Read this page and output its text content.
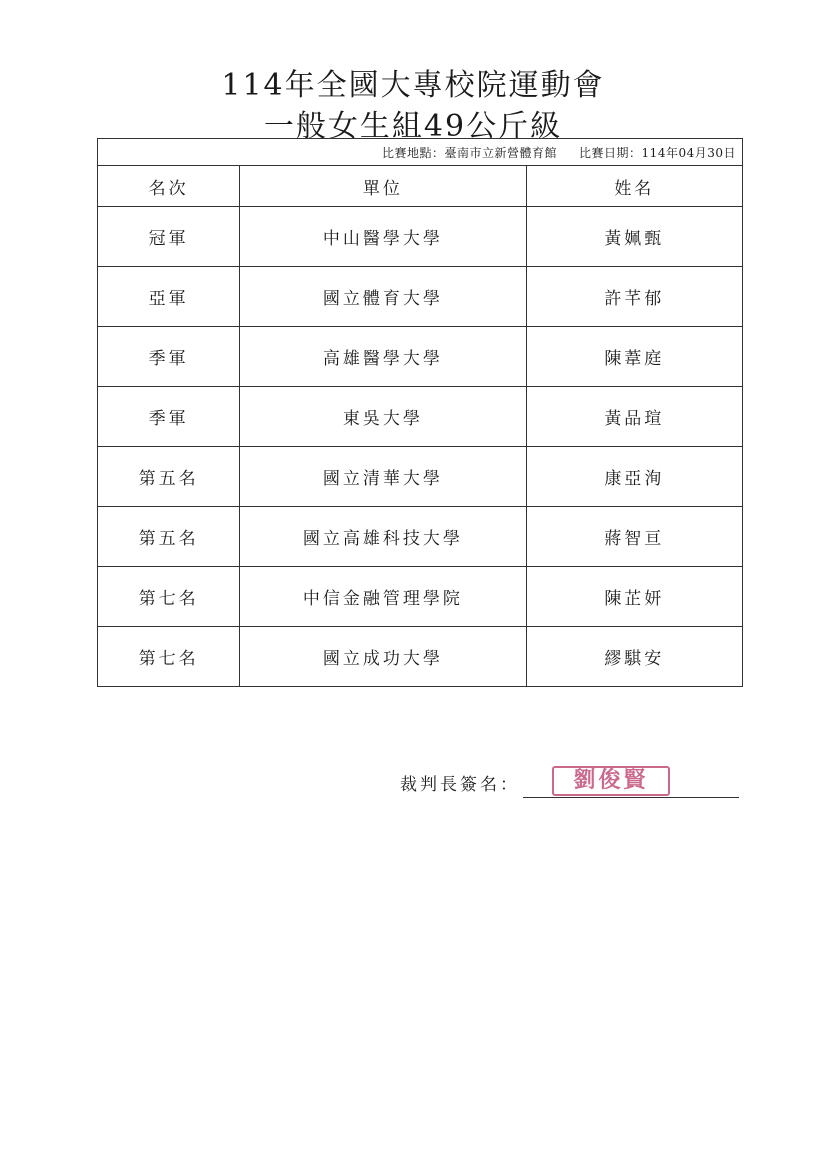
114年全國大專校院運動會
一般女生組49公斤級
比賽地點：臺南市立新營體育館 比賽日期：114年04月30日		
名次	單位	姓名
冠軍	中山醫學大學	黃姵甄
亞軍	國立體育大學	許芊郁
季軍	高雄醫學大學	陳葦庭
季軍	東吳大學	黃品瑄
第五名	國立清華大學	康亞洵
第五名	國立高雄科技大學	蔣智亘
第七名	中信金融管理學院	陳芷妍
第七名	國立成功大學	繆騏安
裁判長簽名：	劉俊賢
